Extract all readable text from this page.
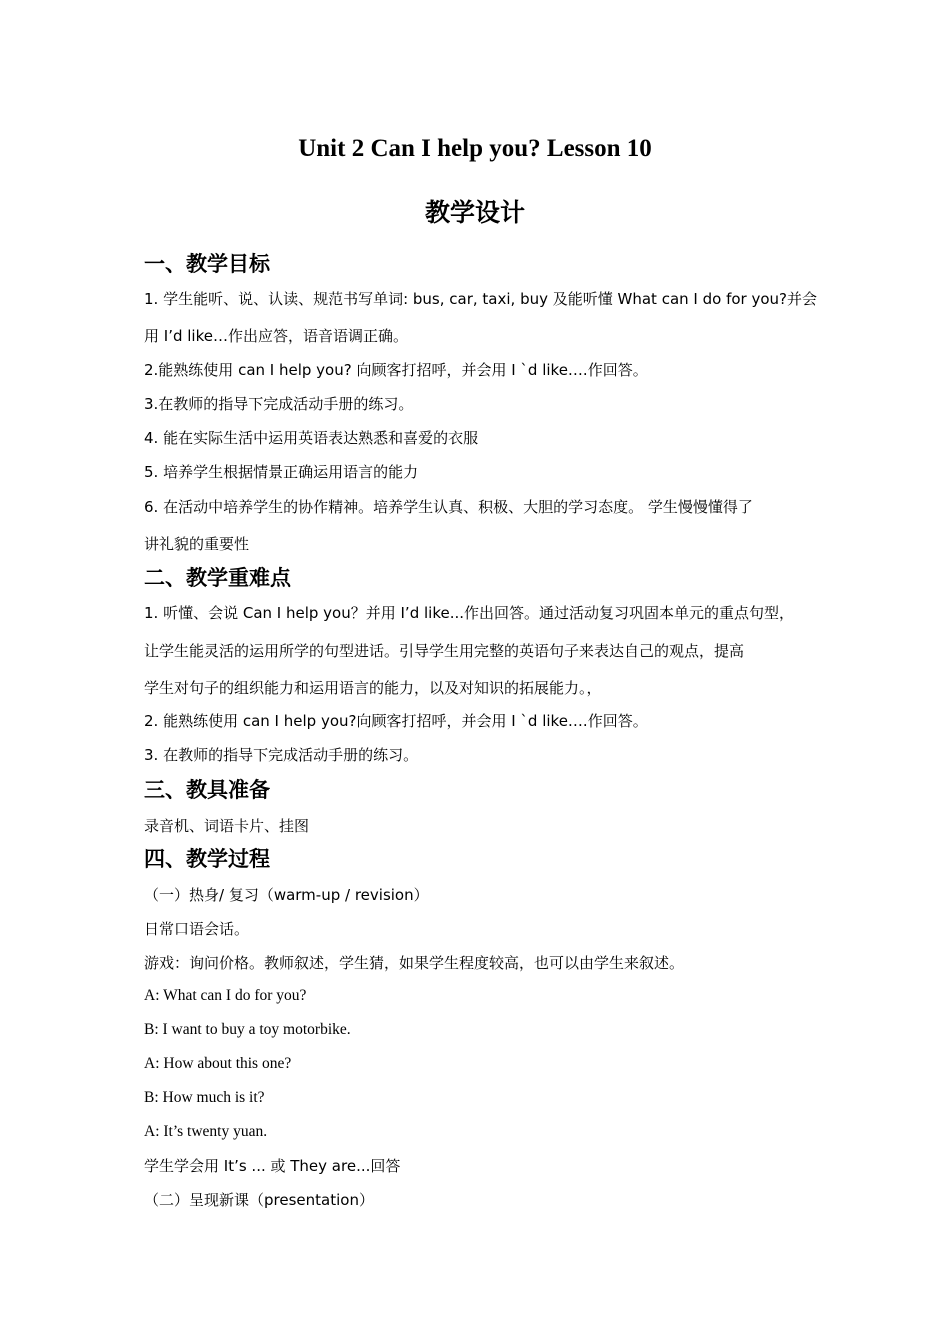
Unit 2 Can I help you? Lesson 10
教学设计
一、教学目标
1. 学生能听、说、认读、规范书写单词: bus, car, taxi, buy 及能听懂 What can I do for you?并会
用 I’d like…作出应答，语音语调正确。
2.能熟练使用 can I help you? 向顾客打招呼，并会用 I `d like….作回答。
3.在教师的指导下完成活动手册的练习。
4. 能在实际生活中运用英语表达熟悉和喜爱的衣服
5. 培养学生根据情景正确运用语言的能力
6. 在活动中培养学生的协作精神。培养学生认真、积极、大胆的学习态度。 学生慢慢懂得了
讲礼貌的重要性
二、教学重难点
1. 听懂、会说 Can I help you？并用 I’d like...作出回答。通过活动复习巩固本单元的重点句型，
让学生能灵活的运用所学的句型进话。引导学生用完整的英语句子来表达自己的观点，提高
学生对句子的组织能力和运用语言的能力，以及对知识的拓展能力。，
2. 能熟练使用 can I help you?向顾客打招呼，并会用 I `d like….作回答。
3. 在教师的指导下完成活动手册的练习。
三、教具准备
录音机、词语卡片、挂图
四、教学过程
（一）热身/ 复习（warm-up / revision）
日常口语会话。
游戏：询问价格。教师叙述，学生猜，如果学生程度较高，也可以由学生来叙述。
A: What can I do for you?
B: I want to buy a toy motorbike.
A: How about this one?
B: How much is it?
A: It’s twenty yuan.
学生学会用 It’s ... 或 They are...回答
（二）呈现新课（presentation）
